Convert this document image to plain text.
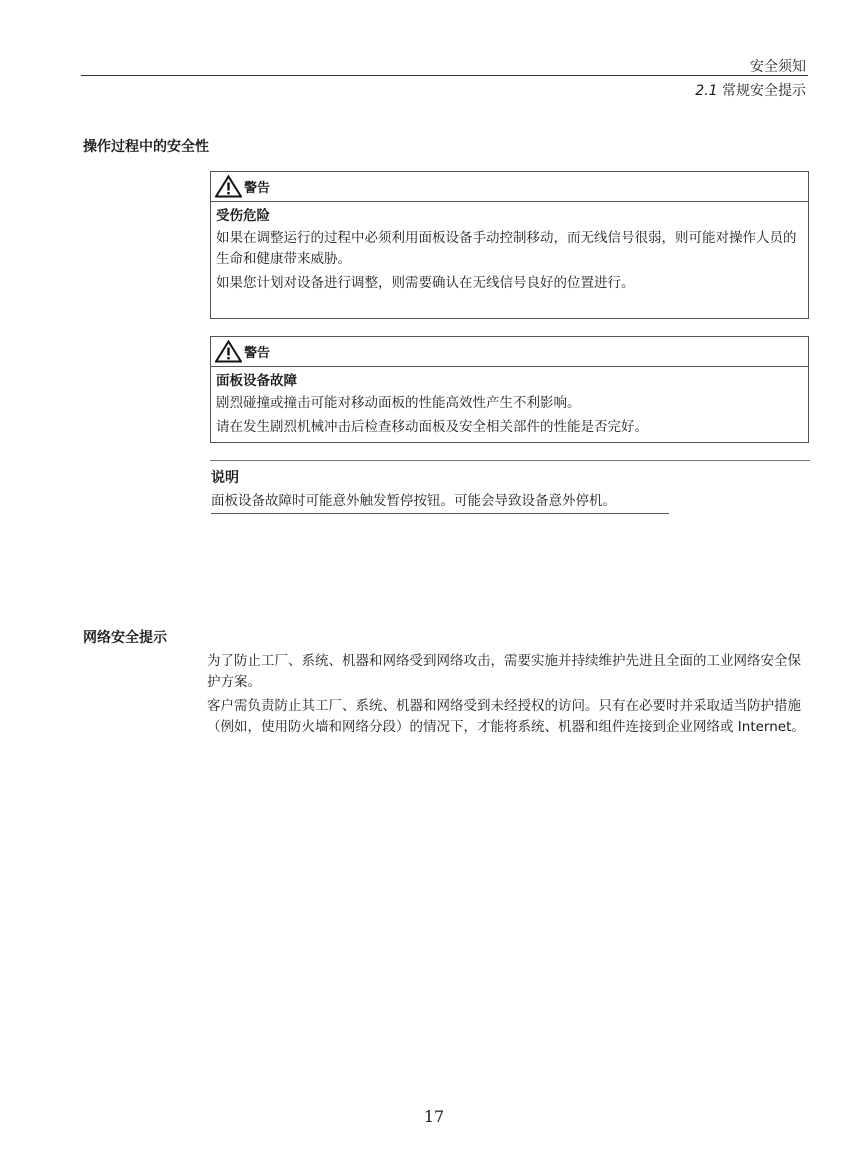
安全须知
2.1 常规安全提示
操作过程中的安全性
警告
受伤危险

如果在调整运行的过程中必须利用面板设备手动控制移动，而无线信号很弱，则可能对操作人员的生命和健康带来威胁。

如果您计划对设备进行调整，则需要确认在无线信号良好的位置进行。

警告
面板设备故障

剧烈碰撞或撞击可能对移动面板的性能高效性产生不利影响。

请在发生剧烈机械冲击后检查移动面板及安全相关部件的性能是否完好。

说明
面板设备故障时可能意外触发暂停按钮。可能会导致设备意外停机。
网络安全提示

为了防止工厂、系统、机器和网络受到网络攻击，需要实施并持续维护先进且全面的工业网络安全保护方案。

客户需负责防止其工厂、系统、机器和网络受到未经授权的访问。只有在必要时并采取适当防护措施（例如，使用防火墙和网络分段）的情况下，才能将系统、机器和组件连接到企业网络或 Internet。

17
